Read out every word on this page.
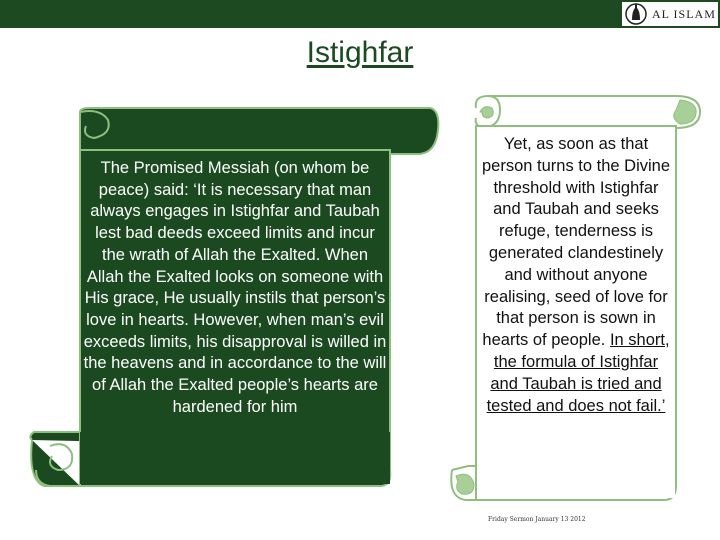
AL ISLAM
Istighfar
The Promised Messiah (on whom be peace) said: ‘It is necessary that man always engages in Istighfar and Taubah lest bad deeds exceed limits and incur the wrath of Allah the Exalted. When Allah the Exalted looks on someone with His grace, He usually instils that person’s love in hearts. However, when man’s evil exceeds limits, his disapproval is willed in the heavens and in accordance to the will of Allah the Exalted people’s hearts are hardened for him
Yet, as soon as that person turns to the Divine threshold with Istighfar and Taubah and seeks refuge, tenderness is generated clandestinely and without anyone realising, seed of love for that person is sown in hearts of people. In short, the formula of Istighfar and Taubah is tried and tested and does not fail.’
Friday Sermon January 13 2012
